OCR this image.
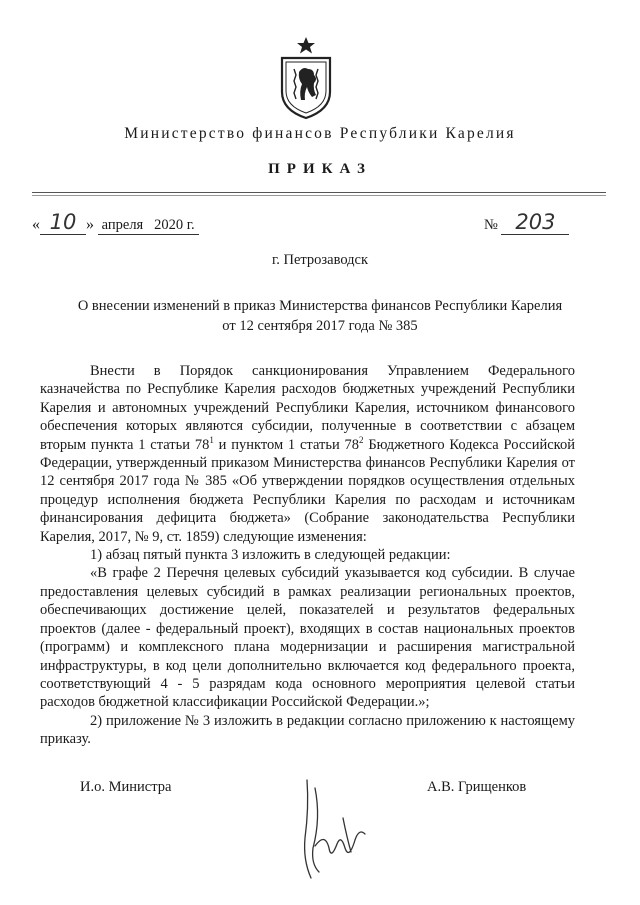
Министерство финансов Республики Карелия
ПРИКАЗ
« 10 » апреля   2020 г.	№ 203
г. Петрозаводск
О внесении изменений в приказ Министерства финансов Республики Карелия
от 12 сентября 2017 года № 385

Внести в Порядок санкционирования Управлением Федерального казначейства по Республике Карелия расходов бюджетных учреждений Республики Карелия и автономных учреждений Республики Карелия, источником финансового обеспечения которых являются субсидии, полученные в соответствии с абзацем вторым пункта 1 статьи $78^1$ и пунктом 1 статьи $78^2$ Бюджетного Кодекса Российской Федерации, утвержденный приказом Министерства финансов Республики Карелия от 12 сентября 2017 года № 385 «Об утверждении порядков осуществления отдельных процедур исполнения бюджета Республики Карелия по расходам и источникам финансирования дефицита бюджета» (Собрание законодательства Республики Карелия, 2017, № 9, ст. 1859) следующие изменения:

1) абзац пятый пункта 3 изложить в следующей редакции:

«В графе 2 Перечня целевых субсидий указывается код субсидии. В случае предоставления целевых субсидий в рамках реализации региональных проектов, обеспечивающих достижение целей, показателей и результатов федеральных проектов (далее - федеральный проект), входящих в состав национальных проектов (программ) и комплексного плана модернизации и расширения магистральной инфраструктуры, в код цели дополнительно включается код федерального проекта, соответствующий 4 - 5 разрядам кода основного мероприятия целевой статьи расходов бюджетной классификации Российской Федерации.»;

2) приложение № 3 изложить в редакции согласно приложению к настоящему приказу.

И.о. Министра	А.В. Грищенков
